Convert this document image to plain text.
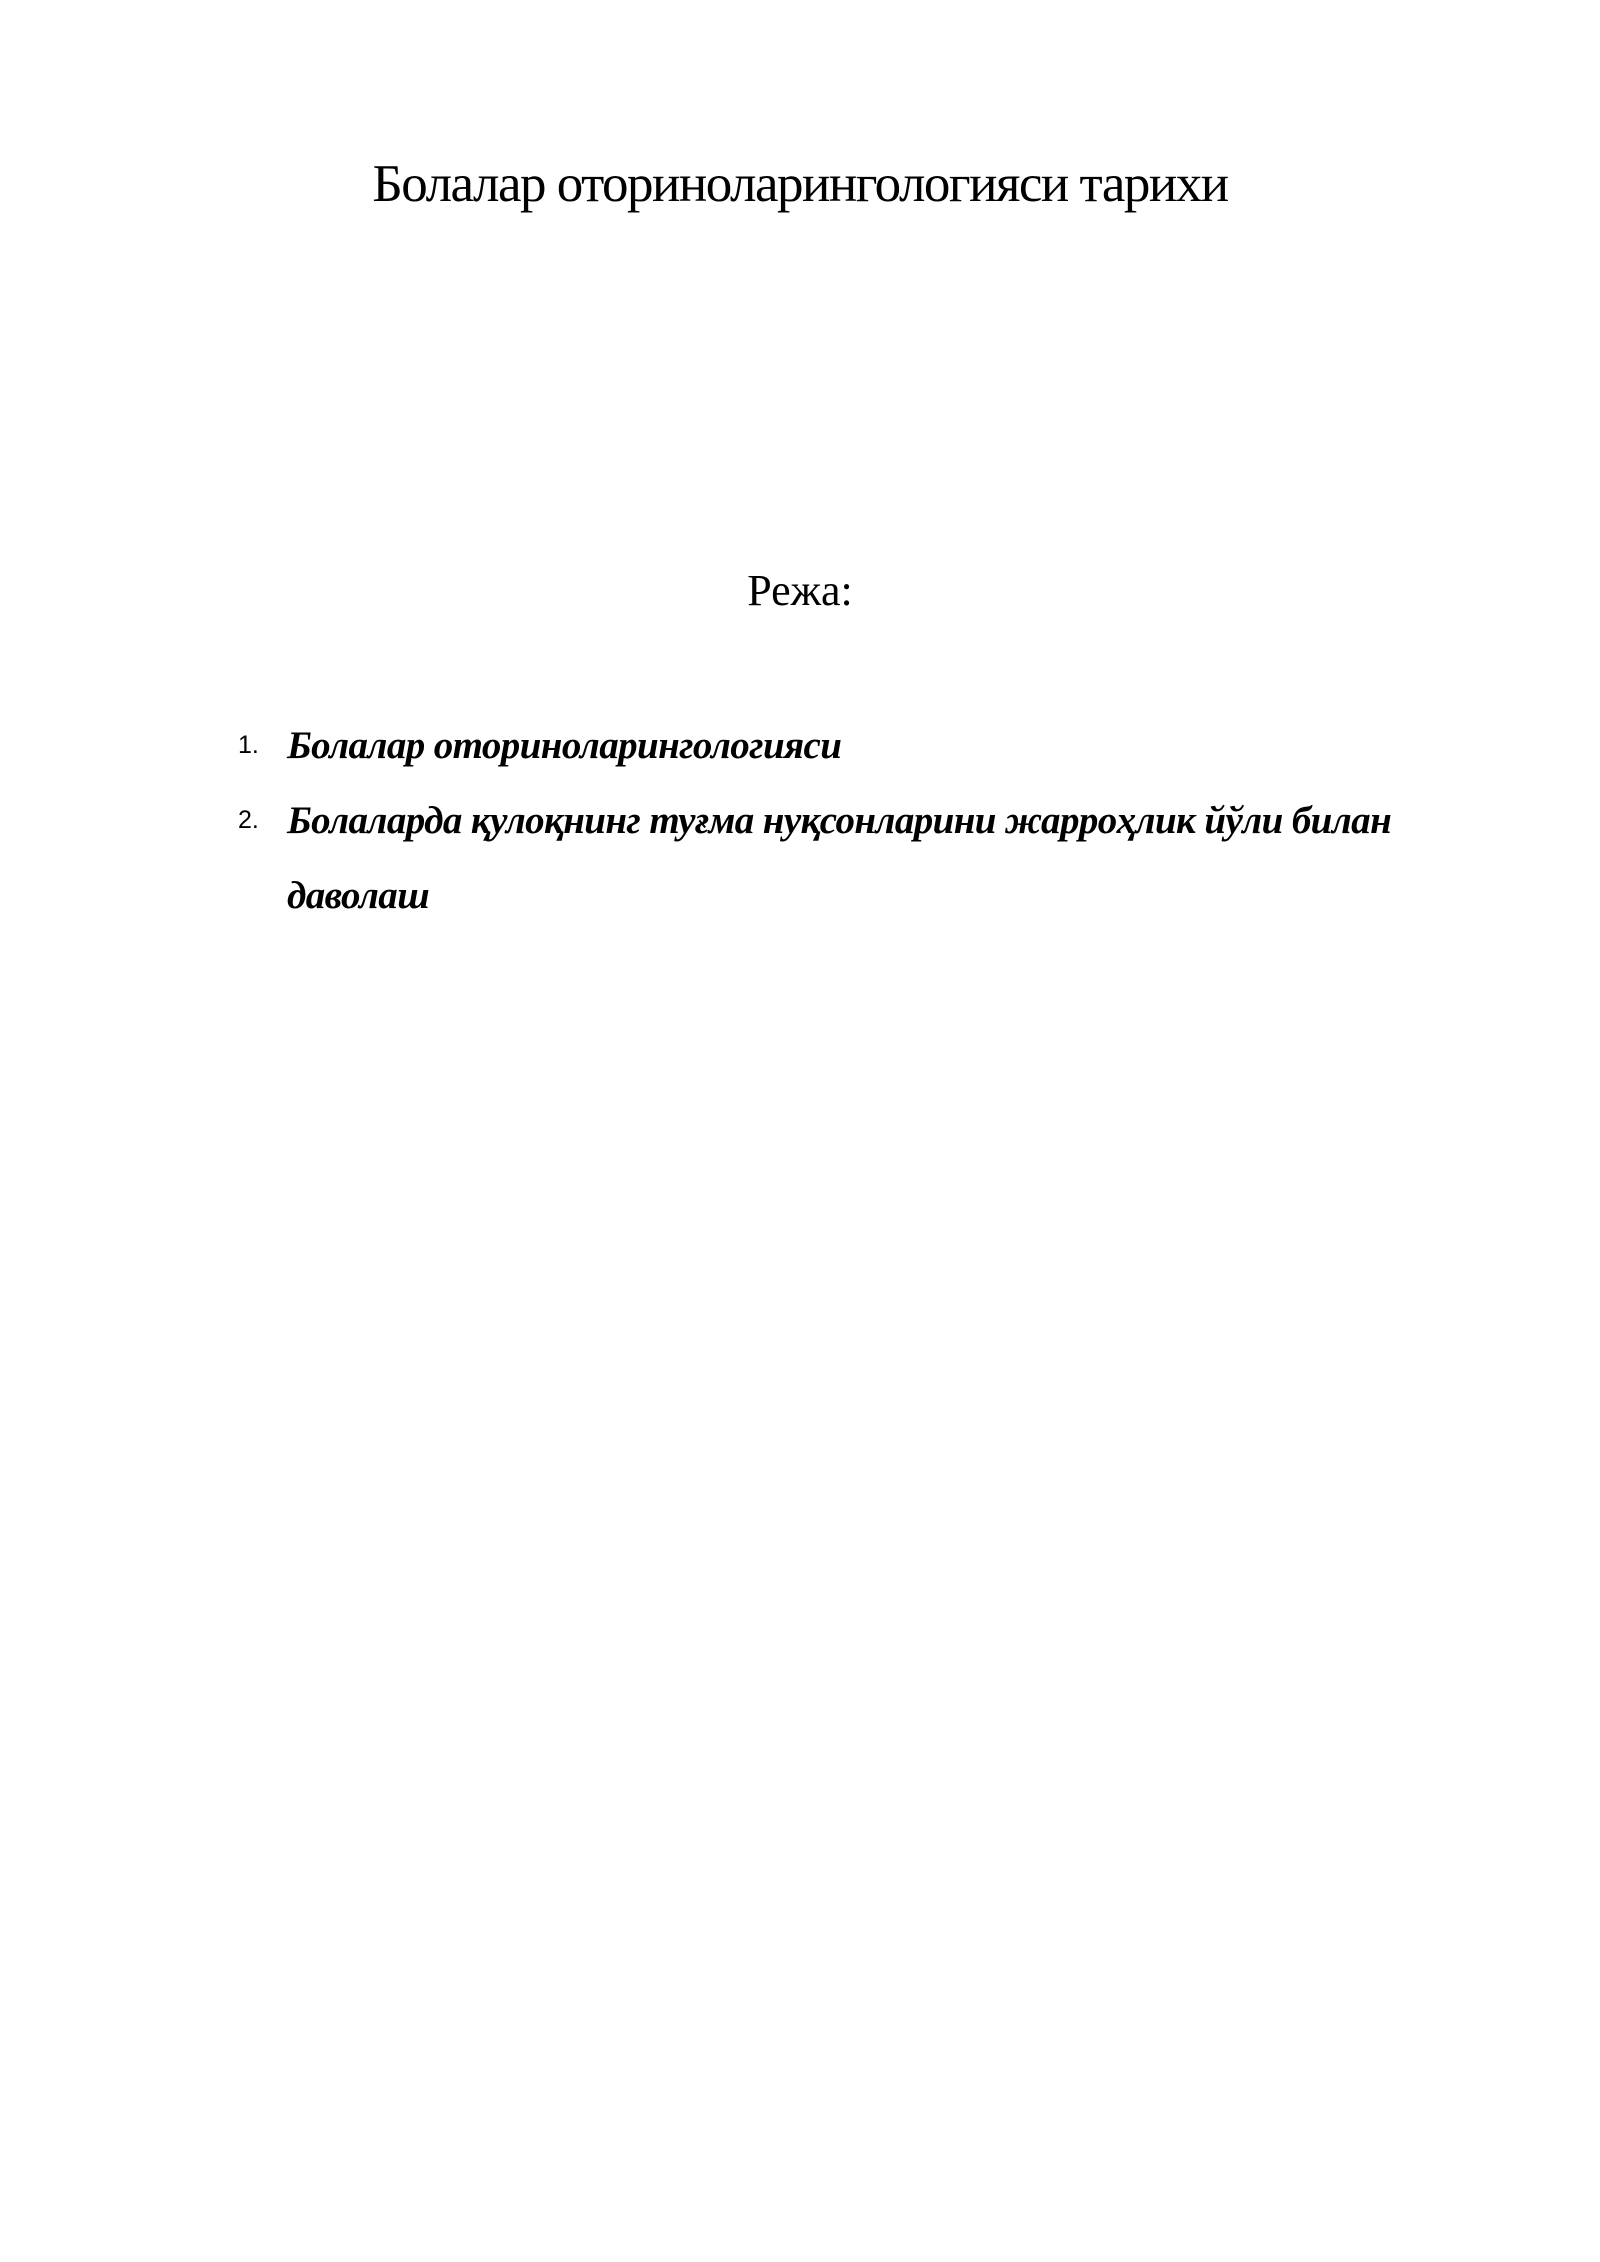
Болалар оториноларингологияси тарихи
Режа:
1. Болалар оториноларингологияси
2. Болаларда қулоқнинг туғма нуқсонларини жарроҳлик йўли билан даволаш
